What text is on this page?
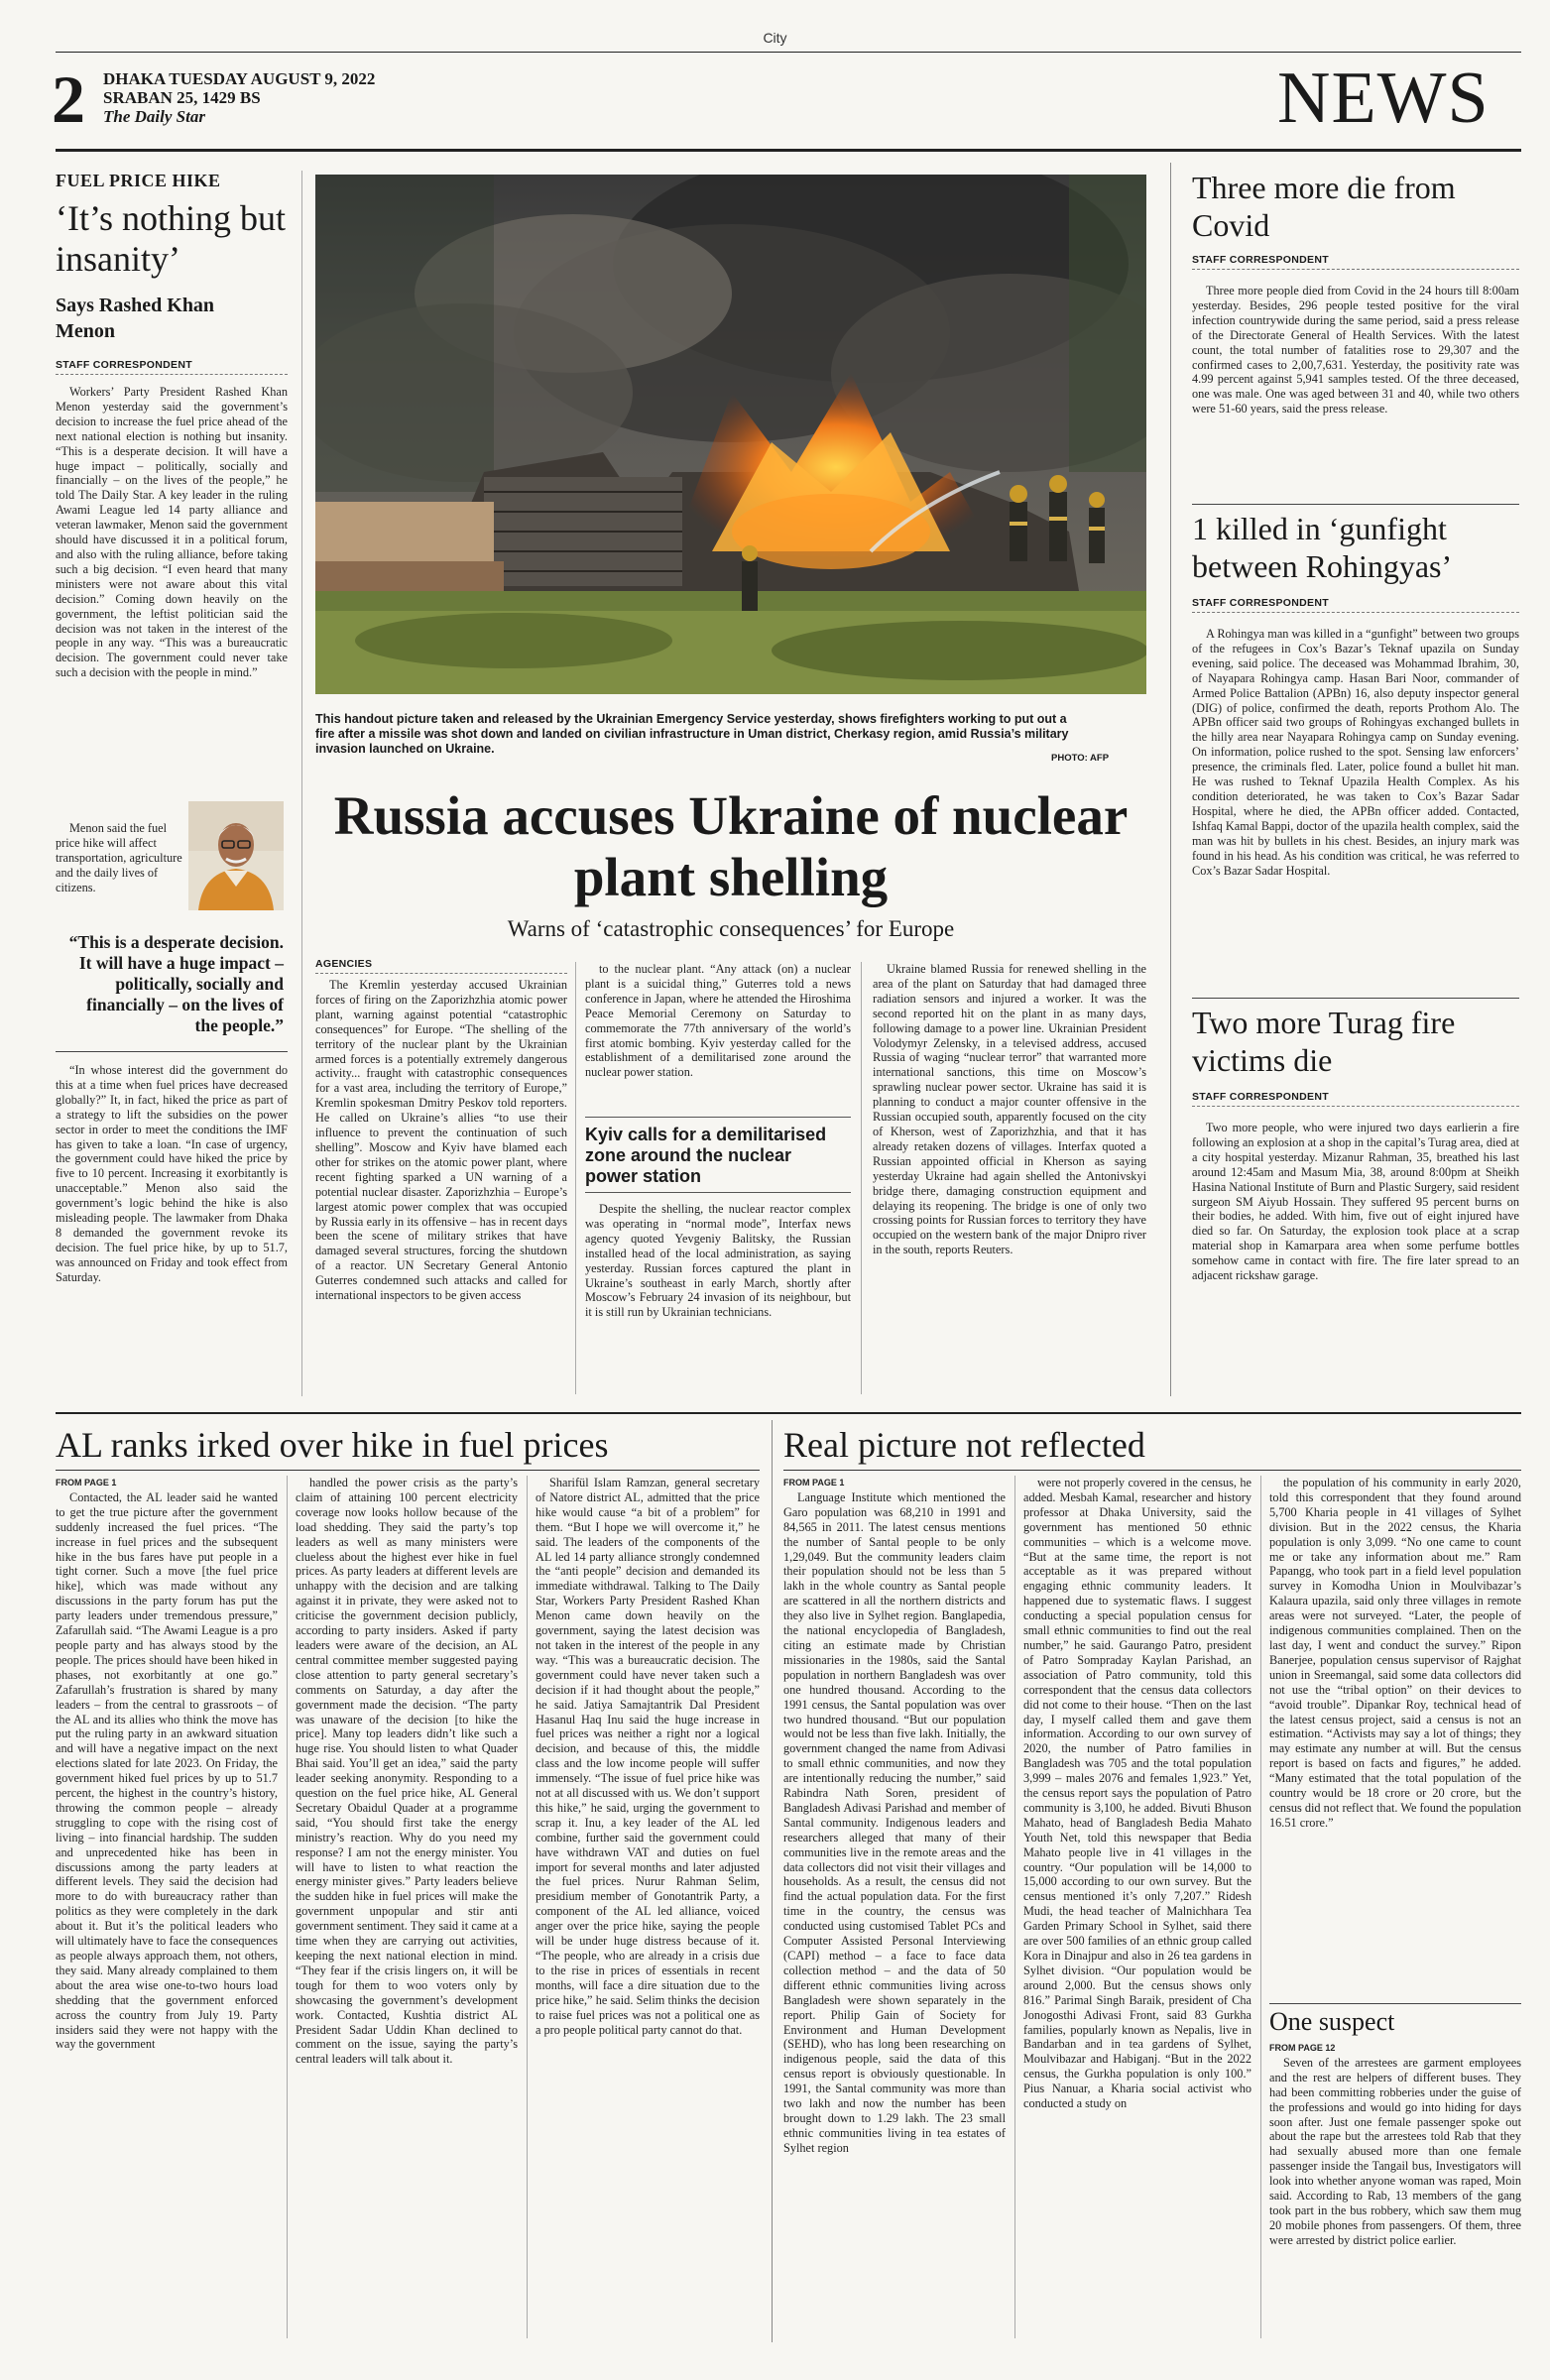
City
2 DHAKA TUESDAY AUGUST 9, 2022
SRABAN 25, 1429 BS
The Daily Star	NEWS
FUEL PRICE HIKE
‘It’s nothing but insanity’
Says Rashed Khan Menon
STAFF CORRESPONDENT

Workers’ Party President Rashed Khan Menon yesterday said the government’s decision to increase the fuel price ahead of the next national election is nothing but insanity. “This is a desperate decision. It will have a huge impact – politically, socially and financially – on the lives of the people,” he told The Daily Star. A key leader in the ruling Awami League led 14 party alliance and veteran lawmaker, Menon said the government should have discussed it in a political forum, and also with the ruling alliance, before taking such a big decision. “I even heard that many ministers were not aware about this vital decision.” Coming down heavily on the government, the leftist politician said the decision was not taken in the interest of the people in any way. “This was a bureaucratic decision. The government could never take such a decision with the people in mind.”

Menon said the fuel price hike will affect transportation, agriculture and the daily lives of citizens.

“This is a desperate decision. It will have a huge impact – politically, socially and financially – on the lives of the people.”

“In whose interest did the government do this at a time when fuel prices have decreased globally?” It, in fact, hiked the price as part of a strategy to lift the subsidies on the power sector in order to meet the conditions the IMF has given to take a loan. “In case of urgency, the government could have hiked the price by five to 10 percent. Increasing it exorbitantly is unacceptable.” Menon also said the government’s logic behind the hike is also misleading people. The lawmaker from Dhaka 8 demanded the government revoke its decision. The fuel price hike, by up to 51.7, was announced on Friday and took effect from Saturday.

This handout picture taken and released by the Ukrainian Emergency Service yesterday, shows firefighters working to put out a fire after a missile was shot down and landed on civilian infrastructure in Uman district, Cherkasy region, amid Russia’s military invasion launched on Ukraine.
PHOTO: AFP
Russia accuses Ukraine of nuclear plant shelling
Warns of ‘catastrophic consequences’ for Europe
AGENCIES

The Kremlin yesterday accused Ukrainian forces of firing on the Zaporizhzhia atomic power plant, warning against potential “catastrophic consequences” for Europe. “The shelling of the territory of the nuclear plant by the Ukrainian armed forces is a potentially extremely dangerous activity... fraught with catastrophic consequences for a vast area, including the territory of Europe,” Kremlin spokesman Dmitry Peskov told reporters. He called on Ukraine’s allies “to use their influence to prevent the continuation of such shelling”. Moscow and Kyiv have blamed each other for strikes on the atomic power plant, where recent fighting sparked a UN warning of a potential nuclear disaster. Zaporizhzhia – Europe’s largest atomic power complex that was occupied by Russia early in its offensive – has in recent days been the scene of military strikes that have damaged several structures, forcing the shutdown of a reactor. UN Secretary General Antonio Guterres condemned such attacks and called for international inspectors to be given access

to the nuclear plant. “Any attack (on) a nuclear plant is a suicidal thing,” Guterres told a news conference in Japan, where he attended the Hiroshima Peace Memorial Ceremony on Saturday to commemorate the 77th anniversary of the world’s first atomic bombing. Kyiv yesterday called for the establishment of a demilitarised zone around the nuclear power station.

Kyiv calls for a demilitarised zone around the nuclear power station

Despite the shelling, the nuclear reactor complex was operating in “normal mode”, Interfax news agency quoted Yevgeniy Balitsky, the Russian installed head of the local administration, as saying yesterday. Russian forces captured the plant in Ukraine’s southeast in early March, shortly after Moscow’s February 24 invasion of its neighbour, but it is still run by Ukrainian technicians.

Ukraine blamed Russia for renewed shelling in the area of the plant on Saturday that had damaged three radiation sensors and injured a worker. It was the second reported hit on the plant in as many days, following damage to a power line. Ukrainian President Volodymyr Zelensky, in a televised address, accused Russia of waging “nuclear terror” that warranted more international sanctions, this time on Moscow’s sprawling nuclear power sector. Ukraine has said it is planning to conduct a major counter offensive in the Russian occupied south, apparently focused on the city of Kherson, west of Zaporizhzhia, and that it has already retaken dozens of villages. Interfax quoted a Russian appointed official in Kherson as saying yesterday Ukraine had again shelled the Antonivskyi bridge there, damaging construction equipment and delaying its reopening. The bridge is one of only two crossing points for Russian forces to territory they have occupied on the western bank of the major Dnipro river in the south, reports Reuters.

Three more die from Covid
STAFF CORRESPONDENT

Three more people died from Covid in the 24 hours till 8:00am yesterday. Besides, 296 people tested positive for the viral infection countrywide during the same period, said a press release of the Directorate General of Health Services. With the latest count, the total number of fatalities rose to 29,307 and the confirmed cases to 2,00,7,631. Yesterday, the positivity rate was 4.99 percent against 5,941 samples tested. Of the three deceased, one was male. One was aged between 31 and 40, while two others were 51-60 years, said the press release.

1 killed in ‘gunfight between Rohingyas’
STAFF CORRESPONDENT

A Rohingya man was killed in a “gunfight” between two groups of the refugees in Cox’s Bazar’s Teknaf upazila on Sunday evening, said police. The deceased was Mohammad Ibrahim, 30, of Nayapara Rohingya camp. Hasan Bari Noor, commander of Armed Police Battalion (APBn) 16, also deputy inspector general (DIG) of police, confirmed the death, reports Prothom Alo. The APBn officer said two groups of Rohingyas exchanged bullets in the hilly area near Nayapara Rohingya camp on Sunday evening. On information, police rushed to the spot. Sensing law enforcers’ presence, the criminals fled. Later, police found a bullet hit man. He was rushed to Teknaf Upazila Health Complex. As his condition deteriorated, he was taken to Cox’s Bazar Sadar Hospital, where he died, the APBn officer added. Contacted, Ishfaq Kamal Bappi, doctor of the upazila health complex, said the man was hit by bullets in his chest. Besides, an injury mark was found in his head. As his condition was critical, he was referred to Cox’s Bazar Sadar Hospital.

Two more Turag fire victims die
STAFF CORRESPONDENT

Two more people, who were injured two days earlierin a fire following an explosion at a shop in the capital’s Turag area, died at a city hospital yesterday. Mizanur Rahman, 35, breathed his last around 12:45am and Masum Mia, 38, around 8:00pm at Sheikh Hasina National Institute of Burn and Plastic Surgery, said resident surgeon SM Aiyub Hossain. They suffered 95 percent burns on their bodies, he added. With him, five out of eight injured have died so far. On Saturday, the explosion took place at a scrap material shop in Kamarpara area when some perfume bottles somehow came in contact with fire. The fire later spread to an adjacent rickshaw garage.

AL ranks irked over hike in fuel prices	Real picture not reflected
FROM PAGE 1

Contacted, the AL leader said he wanted to get the true picture after the government suddenly increased the fuel prices. “The increase in fuel prices and the subsequent hike in the bus fares have put people in a tight corner. Such a move [the fuel price hike], which was made without any discussions in the party forum has put the party leaders under tremendous pressure,” Zafarullah said. “The Awami League is a pro people party and has always stood by the people. The prices should have been hiked in phases, not exorbitantly at one go.” Zafarullah’s frustration is shared by many leaders – from the central to grassroots – of the AL and its allies who think the move has put the ruling party in an awkward situation and will have a negative impact on the next elections slated for late 2023. On Friday, the government hiked fuel prices by up to 51.7 percent, the highest in the country’s history, throwing the common people – already struggling to cope with the rising cost of living – into financial hardship. The sudden and unprecedented hike has been in discussions among the party leaders at different levels. They said the decision had more to do with bureaucracy rather than politics as they were completely in the dark about it. But it’s the political leaders who will ultimately have to face the consequences as people always approach them, not others, they said. Many already complained to them about the area wise one-to-two hours load shedding that the government enforced across the country from July 19. Party insiders said they were not happy with the way the government

handled the power crisis as the party’s claim of attaining 100 percent electricity coverage now looks hollow because of the load shedding. They said the party’s top leaders as well as many ministers were clueless about the highest ever hike in fuel prices. As party leaders at different levels are unhappy with the decision and are talking against it in private, they were asked not to criticise the government decision publicly, according to party insiders. Asked if party leaders were aware of the decision, an AL central committee member suggested paying close attention to party general secretary’s comments on Saturday, a day after the government made the decision. “The party was unaware of the decision [to hike the price]. Many top leaders didn’t like such a huge rise. You should listen to what Quader Bhai said. You’ll get an idea,” said the party leader seeking anonymity. Responding to a question on the fuel price hike, AL General Secretary Obaidul Quader at a programme said, “You should first take the energy ministry’s reaction. Why do you need my response? I am not the energy minister. You will have to listen to what reaction the energy minister gives.” Party leaders believe the sudden hike in fuel prices will make the government unpopular and stir anti government sentiment. They said it came at a time when they are carrying out activities, keeping the next national election in mind. “They fear if the crisis lingers on, it will be tough for them to woo voters only by showcasing the government’s development work. Contacted, Kushtia district AL President Sadar Uddin Khan declined to comment on the issue, saying the party’s central leaders will talk about it.

Sharifül Islam Ramzan, general secretary of Natore district AL, admitted that the price hike would cause “a bit of a problem” for them. “But I hope we will overcome it,” he said. The leaders of the components of the AL led 14 party alliance strongly condemned the “anti people” decision and demanded its immediate withdrawal. Talking to The Daily Star, Workers Party President Rashed Khan Menon came down heavily on the government, saying the latest decision was not taken in the interest of the people in any way. “This was a bureaucratic decision. The government could have never taken such a decision if it had thought about the people,” he said. Jatiya Samajtantrik Dal President Hasanul Haq Inu said the huge increase in fuel prices was neither a right nor a logical decision, and because of this, the middle class and the low income people will suffer immensely. “The issue of fuel price hike was not at all discussed with us. We don’t support this hike,” he said, urging the government to scrap it. Inu, a key leader of the AL led combine, further said the government could have withdrawn VAT and duties on fuel import for several months and later adjusted the fuel prices. Nurur Rahman Selim, presidium member of Gonotantrik Party, a component of the AL led alliance, voiced anger over the price hike, saying the people will be under huge distress because of it. “The people, who are already in a crisis due to the rise in prices of essentials in recent months, will face a dire situation due to the price hike,” he said. Selim thinks the decision to raise fuel prices was not a political one as a pro people political party cannot do that.

FROM PAGE 1

Language Institute which mentioned the Garo population was 68,210 in 1991 and 84,565 in 2011. The latest census mentions the number of Santal people to be only 1,29,049. But the community leaders claim their population should not be less than 5 lakh in the whole country as Santal people are scattered in all the northern districts and they also live in Sylhet region. Banglapedia, the national encyclopedia of Bangladesh, citing an estimate made by Christian missionaries in the 1980s, said the Santal population in northern Bangladesh was over one hundred thousand. According to the 1991 census, the Santal population was over two hundred thousand. “But our population would not be less than five lakh. Initially, the government changed the name from Adivasi to small ethnic communities, and now they are intentionally reducing the number,” said Rabindra Nath Soren, president of Bangladesh Adivasi Parishad and member of Santal community. Indigenous leaders and researchers alleged that many of their communities live in the remote areas and the data collectors did not visit their villages and households. As a result, the census did not find the actual population data. For the first time in the country, the census was conducted using customised Tablet PCs and Computer Assisted Personal Interviewing (CAPI) method – a face to face data collection method – and the data of 50 different ethnic communities living across Bangladesh were shown separately in the report. Philip Gain of Society for Environment and Human Development (SEHD), who has long been researching on indigenous people, said the data of this census report is obviously questionable. In 1991, the Santal community was more than two lakh and now the number has been brought down to 1.29 lakh. The 23 small ethnic communities living in tea estates of Sylhet region

were not properly covered in the census, he added. Mesbah Kamal, researcher and history professor at Dhaka University, said the government has mentioned 50 ethnic communities – which is a welcome move. “But at the same time, the report is not acceptable as it was prepared without engaging ethnic community leaders. It happened due to systematic flaws. I suggest conducting a special population census for small ethnic communities to find out the real number,” he said. Gaurango Patro, president of Patro Sompraday Kaylan Parishad, an association of Patro community, told this correspondent that the census data collectors did not come to their house. “Then on the last day, I myself called them and gave them information. According to our own survey of 2020, the number of Patro families in Bangladesh was 705 and the total population 3,999 – males 2076 and females 1,923.” Yet, the census report says the population of Patro community is 3,100, he added. Bivuti Bhuson Mahato, head of Bangladesh Bedia Mahato Youth Net, told this newspaper that Bedia Mahato people live in 41 villages in the country. “Our population will be 14,000 to 15,000 according to our own survey. But the census mentioned it’s only 7,207.” Ridesh Mudi, the head teacher of Malnichhara Tea Garden Primary School in Sylhet, said there are over 500 families of an ethnic group called Kora in Dinajpur and also in 26 tea gardens in Sylhet division. “Our population would be around 2,000. But the census shows only 816.” Parimal Singh Baraik, president of Cha Jonogosthi Adivasi Front, said 83 Gurkha families, popularly known as Nepalis, live in Bandarban and in tea gardens of Sylhet, Moulvibazar and Habiganj. “But in the 2022 census, the Gurkha population is only 100.” Pius Nanuar, a Kharia social activist who conducted a study on

the population of his community in early 2020, told this correspondent that they found around 5,700 Kharia people in 41 villages of Sylhet division. But in the 2022 census, the Kharia population is only 3,099. “No one came to count me or take any information about me.” Ram Papangg, who took part in a field level population survey in Komodha Union in Moulvibazar’s Kalaura upazila, said only three villages in remote areas were not surveyed. “Later, the people of indigenous communities complained. Then on the last day, I went and conduct the survey.” Ripon Banerjee, population census supervisor of Rajghat union in Sreemangal, said some data collectors did not use the “tribal option” on their devices to “avoid trouble”. Dipankar Roy, technical head of the latest census project, said a census is not an estimation. “Activists may say a lot of things; they may estimate any number at will. But the census report is based on facts and figures,” he added. “Many estimated that the total population of the country would be 18 crore or 20 crore, but the census did not reflect that. We found the population 16.51 crore.”

One suspect
FROM PAGE 12

Seven of the arrestees are garment employees and the rest are helpers of different buses. They had been committing robberies under the guise of the professions and would go into hiding for days soon after. Just one female passenger spoke out about the rape but the arrestees told Rab that they had sexually abused more than one female passenger inside the Tangail bus, Investigators will look into whether anyone woman was raped, Moin said. According to Rab, 13 members of the gang took part in the bus robbery, which saw them mug 20 mobile phones from passengers. Of them, three were arrested by district police earlier.
